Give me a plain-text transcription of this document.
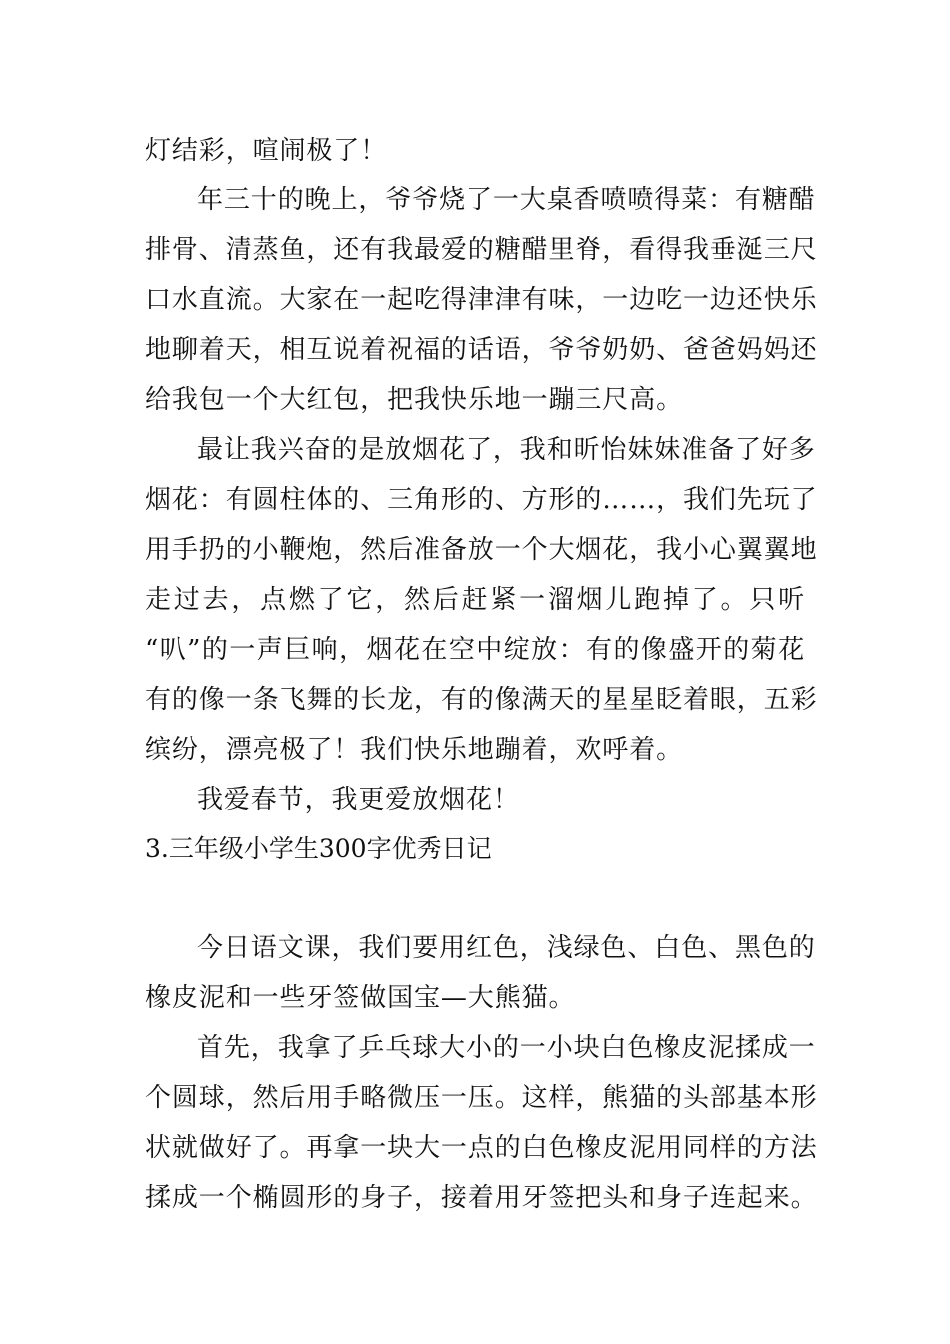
灯结彩，喧闹极了！
年三十的晚上，爷爷烧了一大桌香喷喷得菜：有糖醋
排骨、清蒸鱼，还有我最爱的糖醋里脊，看得我垂涎三尺
口水直流。大家在一起吃得津津有味，一边吃一边还快乐
地聊着天，相互说着祝福的话语，爷爷奶奶、爸爸妈妈还
给我包一个大红包，把我快乐地一蹦三尺高。
最让我兴奋的是放烟花了，我和昕怡妹妹准备了好多
烟花：有圆柱体的、三角形的、方形的……，我们先玩了
用手扔的小鞭炮，然后准备放一个大烟花，我小心翼翼地
走过去，点燃了它，然后赶紧一溜烟儿跑掉了。只听
“叭”的一声巨响，烟花在空中绽放：有的像盛开的菊花
有的像一条飞舞的长龙，有的像满天的星星眨着眼，五彩
缤纷，漂亮极了！我们快乐地蹦着，欢呼着。
我爱春节，我更爱放烟花！
3.三年级小学生300字优秀日记
今日语文课，我们要用红色，浅绿色、白色、黑色的
橡皮泥和一些牙签做国宝—大熊猫。
首先，我拿了乒乓球大小的一小块白色橡皮泥揉成一
个圆球，然后用手略微压一压。这样，熊猫的头部基本形
状就做好了。再拿一块大一点的白色橡皮泥用同样的方法
揉成一个椭圆形的身子，接着用牙签把头和身子连起来。
